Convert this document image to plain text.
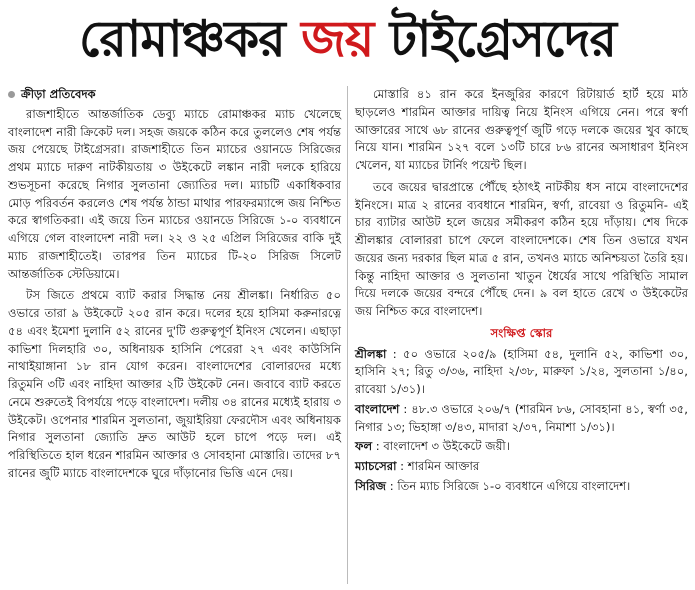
রোমাঞ্চকর জয় টাইগ্রেসদের
ক্রীড়া প্রতিবেদক

রাজশাহীতে আন্তর্জাতিক ডেব্যু ম্যাচে রোমাঞ্চকর ম্যাচ খেলেছে বাংলাদেশ নারী ক্রিকেট দল। সহজ জয়কে কঠিন করে তুললেও শেষ পর্যন্ত জয় পেয়েছে টাইগ্রেসরা। রাজশাহীতে তিন ম্যাচের ওয়ানডে সিরিজের প্রথম ম্যাচে দারুণ নাটকীয়তায় ৩ উইকেটে লঙ্কান নারী দলকে হারিয়ে শুভসূচনা করেছে নিগার সুলতানা জ্যোতির দল। ম্যাচটি একাধিকবার মোড় পরিবর্তন করলেও শেষ পর্যন্ত ঠান্ডা মাথার পারফরম্যান্সে জয় নিশ্চিত করে স্বাগতিকরা। এই জয়ে তিন ম্যাচের ওয়ানডে সিরিজে ১-০ ব্যবধানে এগিয়ে গেল বাংলাদেশ নারী দল। ২২ ও ২৫ এপ্রিল সিরিজের বাকি দুই ম্যাচ রাজশাহীতেই। তারপর তিন ম্যাচের টি-২০ সিরিজ সিলেট আন্তর্জাতিক স্টেডিয়ামে।

টস জিতে প্রথমে ব্যাট করার সিদ্ধান্ত নেয় শ্রীলঙ্কা। নির্ধারিত ৫০ ওভারে তারা ৯ উইকেটে ২০৫ রান করে। দলের হয়ে হাসিমা করুনারত্নে ৫৪ এবং ইমেশা দুলানি ৫২ রানের দু'টি গুরুত্বপূর্ণ ইনিংস খেলেন। এছাড়া কাভিশা দিলহারি ৩০, অধিনায়ক হাসিনি পেরেরা ২৭ এবং কাউসিনি নাথাইয়াঙ্গানা ১৮ রান যোগ করেন। বাংলাদেশের বোলারদের মধ্যে রিতুমনি ৩টি এবং নাহিদা আক্তার ২টি উইকেট নেন। জবাবে ব্যাট করতে নেমে শুরুতেই বিপর্যয়ে পড়ে বাংলাদেশ। দলীয় ৩৪ রানের মধ্যেই হারায় ৩ উইকেট। ওপেনার শারমিন সুলতানা, জুয়াইরিয়া ফেরদৌস এবং অধিনায়ক নিগার সুলতানা জ্যোতি দ্রুত আউট হলে চাপে পড়ে দল। এই পরিস্থিতিতে হাল ধরেন শারমিন আক্তার ও সোবহানা মোস্তারি। তাদের ৮৭ রানের জুটি ম্যাচে বাংলাদেশকে ঘুরে দাঁড়ানোর ভিত্তি এনে দেয়।

মোস্তারি ৪১ রান করে ইনজুরির কারণে রিটায়ার্ড হার্ট হয়ে মাঠ ছাড়লেও শারমিন আক্তার দায়িত্ব নিয়ে ইনিংস এগিয়ে নেন। পরে স্বর্ণা আক্তারের সাথে ৬৮ রানের গুরুত্বপূর্ণ জুটি গড়ে দলকে জয়ের খুব কাছে নিয়ে যান। শারমিন ১২৭ বলে ১৩টি চারে ৮৬ রানের অসাধারণ ইনিংস খেলেন, যা ম্যাচের টার্নিং পয়েন্ট ছিল।

তবে জয়ের দ্বারপ্রান্তে পৌঁছে হঠাৎই নাটকীয় ধস নামে বাংলাদেশের ইনিংসে। মাত্র ২ রানের ব্যবধানে শারমিন, স্বর্ণা, রাবেয়া ও রিতুমনি- এই চার ব্যাটার আউট হলে জয়ের সমীকরণ কঠিন হয়ে দাঁড়ায়। শেষ দিকে শ্রীলঙ্কার বোলাররা চাপে ফেলে বাংলাদেশকে। শেষ তিন ওভারে যখন জয়ের জন্য দরকার ছিল মাত্র ৫ রান, তখনও ম্যাচে অনিশ্চয়তা তৈরি হয়। কিন্তু নাহিদা আক্তার ও সুলতানা খাতুন ধৈর্যের সাথে পরিস্থিতি সামাল দিয়ে দলকে জয়ের বন্দরে পৌঁছে দেন। ৯ বল হাতে রেখে ৩ উইকেটের জয় নিশ্চিত করে বাংলাদেশ।

সংক্ষিপ্ত স্কোর
শ্রীলঙ্কা : ৫০ ওভারে ২০৫/৯ (হাসিমা ৫৪, দুলানি ৫২, কাভিশা ৩০, হাসিনি ২৭; রিতু ৩/৩৬, নাহিদা ২/৩৮, মারুফা ১/২৪, সুলতানা ১/৪০, রাবেয়া ১/৩১)।
বাংলাদেশ : ৪৮.৩ ওভারে ২০৬/৭ (শারমিন ৮৬, সোবহানা ৪১, স্বর্ণা ৩৫, নিগার ১৩; ভিহাঙ্গা ৩/৪৩, মাদারা ২/৩৭, নিমাশা ১/৩১)।
ফল : বাংলাদেশ ৩ উইকেটে জয়ী।
ম্যাচসেরা : শারমিন আক্তার
সিরিজ : তিন ম্যাচ সিরিজে ১-০ ব্যবধানে এগিয়ে বাংলাদেশ।
